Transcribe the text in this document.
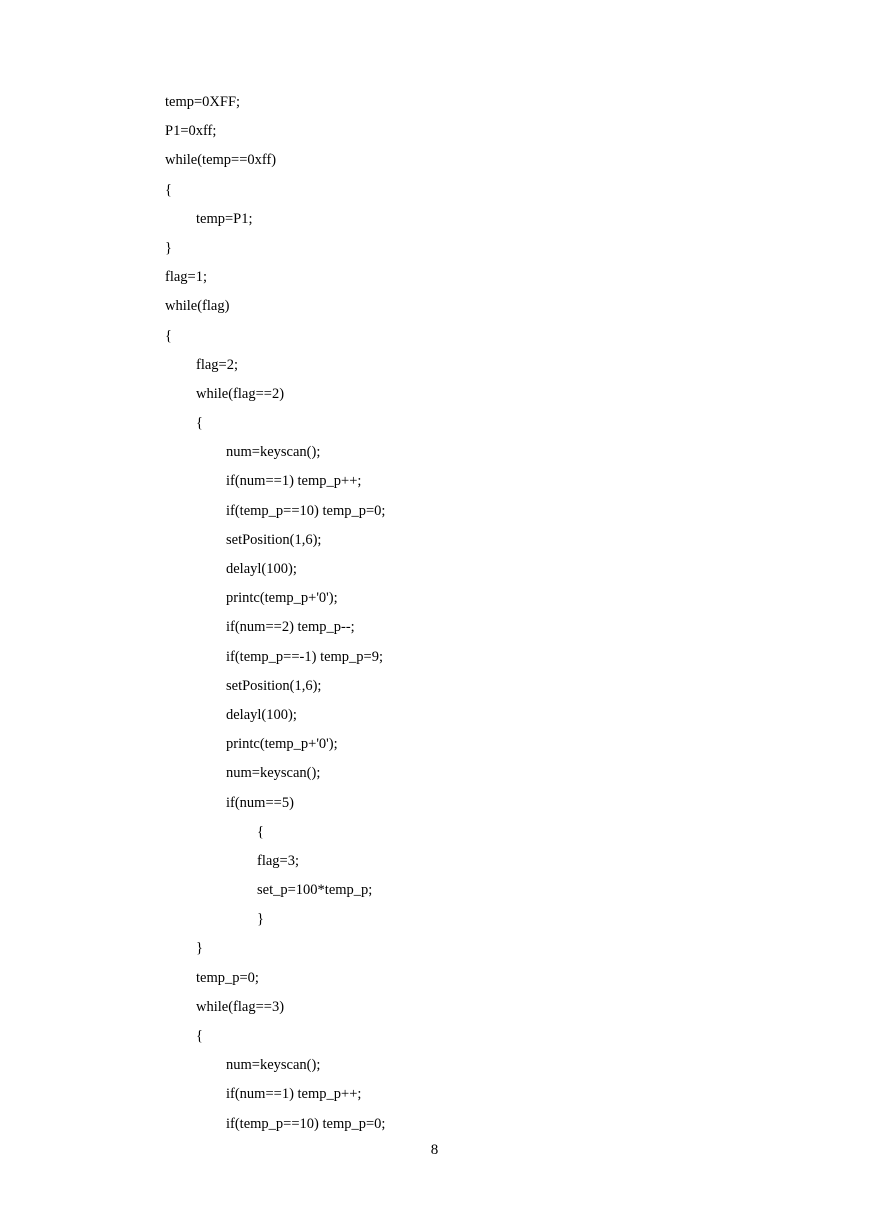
temp=0XFF;
P1=0xff;
while(temp==0xff)
{
temp=P1;
}
flag=1;
while(flag)
{
flag=2;
while(flag==2)
{
num=keyscan();
if(num==1) temp_p++;
if(temp_p==10) temp_p=0;
setPosition(1,6);
delayl(100);
printc(temp_p+'0');
if(num==2) temp_p--;
if(temp_p==-1) temp_p=9;
setPosition(1,6);
delayl(100);
printc(temp_p+'0');
num=keyscan();
if(num==5)
{
flag=3;
set_p=100*temp_p;
}
}
temp_p=0;
while(flag==3)
{
num=keyscan();
if(num==1) temp_p++;
if(temp_p==10) temp_p=0;
8
